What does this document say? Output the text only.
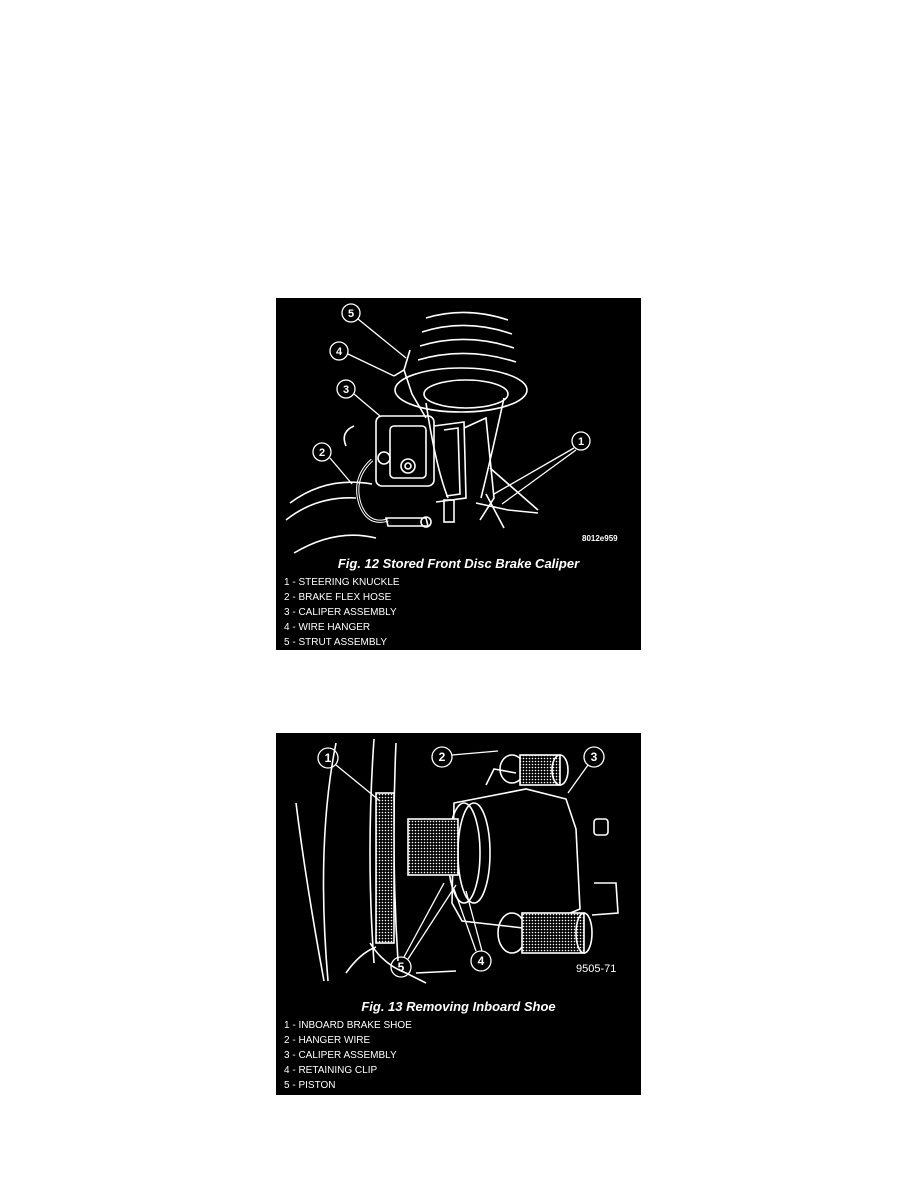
5
4
3
2
1
8012e959
Fig. 12 Stored Front Disc Brake Caliper
1 - STEERING KNUCKLE
2 - BRAKE FLEX HOSE
3 - CALIPER ASSEMBLY
4 - WIRE HANGER
5 - STRUT ASSEMBLY
1	2	3
5	4
9505-71
Fig. 13 Removing Inboard Shoe
1 - INBOARD BRAKE SHOE
2 - HANGER WIRE
3 - CALIPER ASSEMBLY
4 - RETAINING CLIP
5 - PISTON
